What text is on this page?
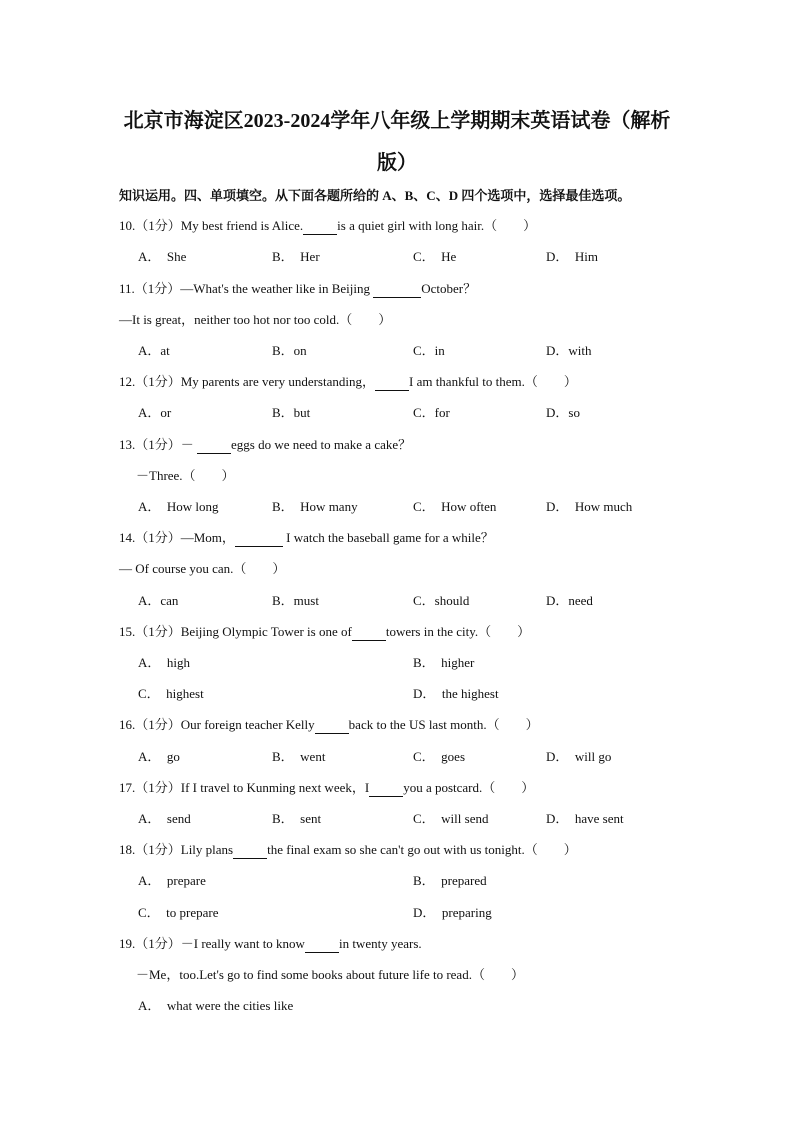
北京市海淀区2023-2024学年八年级上学期期末英语试卷（解析版）
知识运用。四、单项填空。从下面各题所给的 A、B、C、D 四个选项中，选择最佳选项。
10.（1分）My best friend is Alice.	is a quiet girl with long hair.（　　）
A．　She	B．　Her	C．　He	D．　Him
11.（1分）—What's the weather like in Beijing	October？
—It is great，neither too hot nor too cold.（　　）
A．at	B．on	C．in	D．with
12.（1分）My parents are very understanding，	I am thankful to them.（　　）
A．or	B．but	C．for	D．so
13.（1分）－	eggs do we need to make a cake？
－Three.（　　）
A．　How long	B．　How many	C．　How often	D．　How much
14.（1分）—Mom，	I watch the baseball game for a while？
— Of course you can.（　　）
A．can	B．must	C．should	D．need
15.（1分）Beijing Olympic Tower is one of	towers in the city.（　　）
A．　high	B．　higher
C．　highest	D．　the highest
16.（1分）Our foreign teacher Kelly	back to the US last month.（　　）
A．　go	B．　went	C．　goes	D．　will go
17.（1分）If I travel to Kunming next week，I	you a postcard.（　　）
A．　send	B．　sent	C．　will send	D．　have sent
18.（1分）Lily plans	the final exam so she can't go out with us tonight.（　　）
A．　prepare	B．　prepared
C．　to prepare	D．　preparing
19.（1分）－I really want to know	in twenty years.
－Me，too.Let's go to find some books about future life to read.（　　）
A．　what were the cities like
